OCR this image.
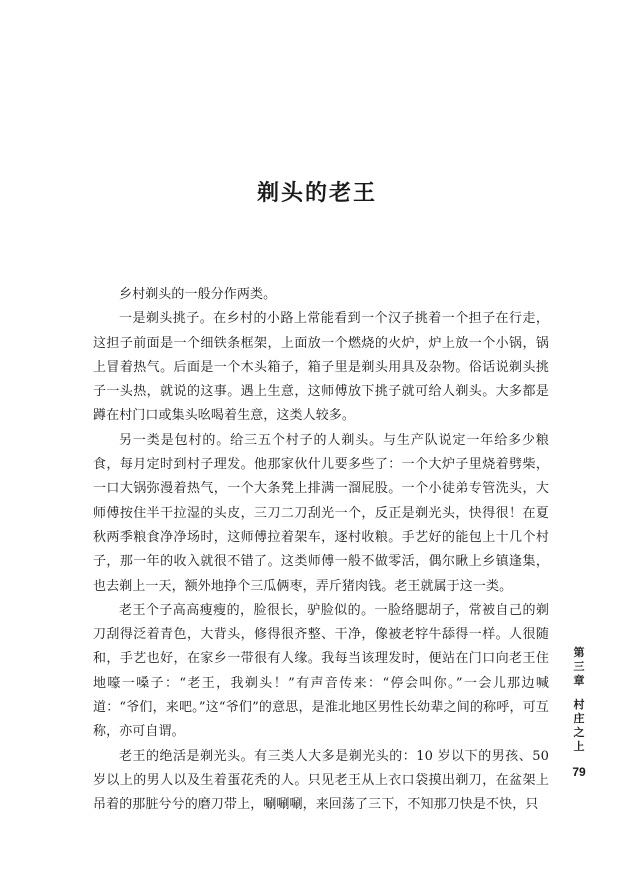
剃头的老王

乡村剃头的一般分作两类。

一是剃头挑子。在乡村的小路上常能看到一个汉子挑着一个担子在行走，这担子前面是一个细铁条框架，上面放一个燃烧的火炉，炉上放一个小锅，锅上冒着热气。后面是一个木头箱子，箱子里是剃头用具及杂物。俗话说剃头挑子一头热，就说的这事。遇上生意，这师傅放下挑子就可给人剃头。大多都是蹲在村门口或集头吆喝着生意，这类人较多。

另一类是包村的。给三五个村子的人剃头。与生产队说定一年给多少粮食，每月定时到村子理发。他那家伙什儿要多些了：一个大炉子里烧着劈柴，一口大锅弥漫着热气，一个大条凳上排满一溜屁股。一个小徒弟专管洗头，大师傅按住半干拉湿的头皮，三刀二刀刮光一个，反正是剃光头，快得很！在夏秋两季粮食净净场时，这师傅拉着架车，逐村收粮。手艺好的能包上十几个村子，那一年的收入就很不错了。这类师傅一般不做零活，偶尔瞅上乡镇逢集，也去剃上一天，额外地挣个三瓜俩枣，弄斤猪肉钱。老王就属于这一类。

老王个子高高瘦瘦的，脸很长，驴脸似的。一脸络腮胡子，常被自己的剃刀刮得泛着青色，大背头，修得很齐整、干净，像被老牸牛舔得一样。人很随和，手艺也好，在家乡一带很有人缘。我每当该理发时，便站在门口向老王住地嚎一嗓子：“老王，我剃头！”有声音传来：“停会叫你。”一会儿那边喊道：“爷们，来吧。”这“爷们”的意思，是淮北地区男性长幼辈之间的称呼，可互称，亦可自谓。

老王的绝活是剃光头。有三类人大多是剃光头的：10 岁以下的男孩、50 岁以上的男人以及生着蛋花秃的人。只见老王从上衣口袋摸出剃刀，在盆架上吊着的那脏兮兮的磨刀带上，唰唰唰，来回荡了三下，不知那刀快是不快，只

第
三
章
村
庄
之
上
79
